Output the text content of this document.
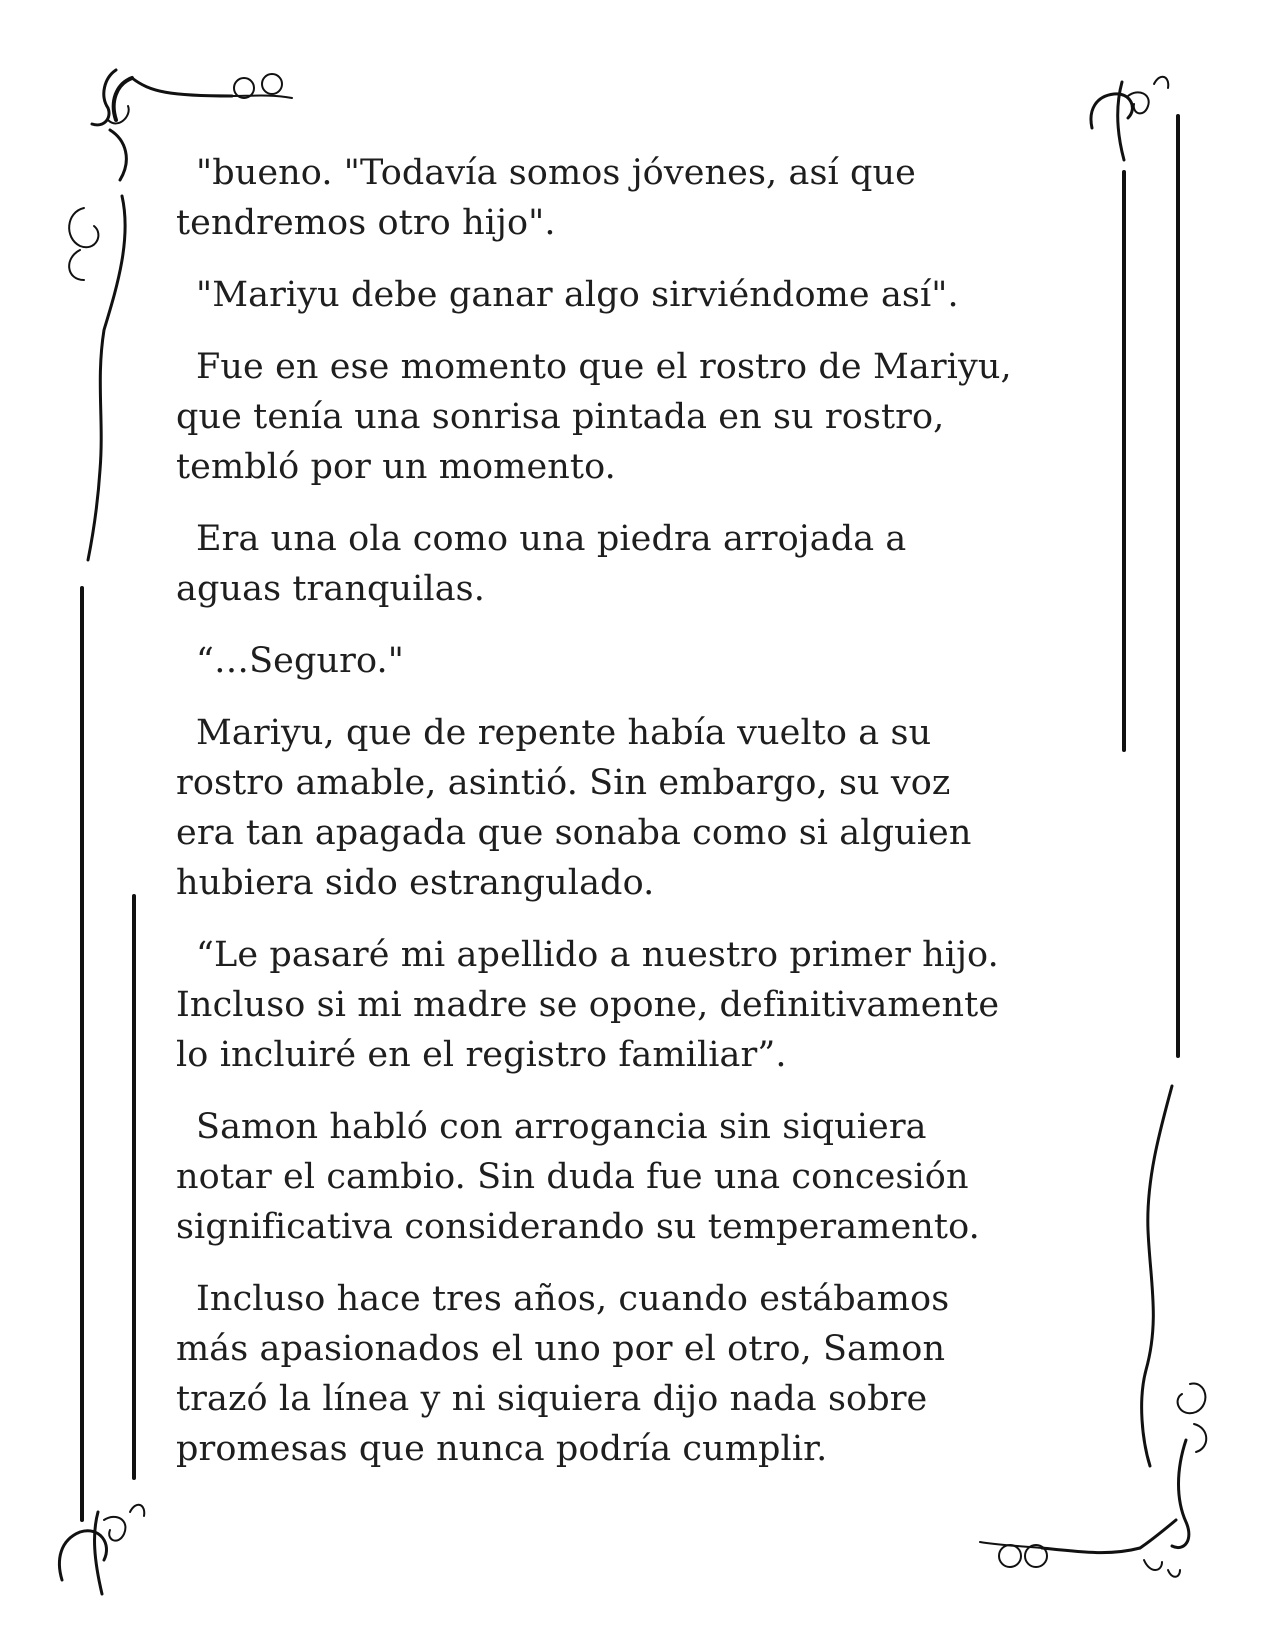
"bueno. "Todavía somos jóvenes, así que
tendremos otro hijo".

"Mariyu debe ganar algo sirviéndome así".

Fue en ese momento que el rostro de Mariyu,
que tenía una sonrisa pintada en su rostro,
tembló por un momento.

Era una ola como una piedra arrojada a
aguas tranquilas.

“…Seguro."

Mariyu, que de repente había vuelto a su
rostro amable, asintió. Sin embargo, su voz
era tan apagada que sonaba como si alguien
hubiera sido estrangulado.

“Le pasaré mi apellido a nuestro primer hijo.
Incluso si mi madre se opone, definitivamente
lo incluiré en el registro familiar”.

Samon habló con arrogancia sin siquiera
notar el cambio. Sin duda fue una concesión
significativa considerando su temperamento.

Incluso hace tres años, cuando estábamos
más apasionados el uno por el otro, Samon
trazó la línea y ni siquiera dijo nada sobre
promesas que nunca podría cumplir.
